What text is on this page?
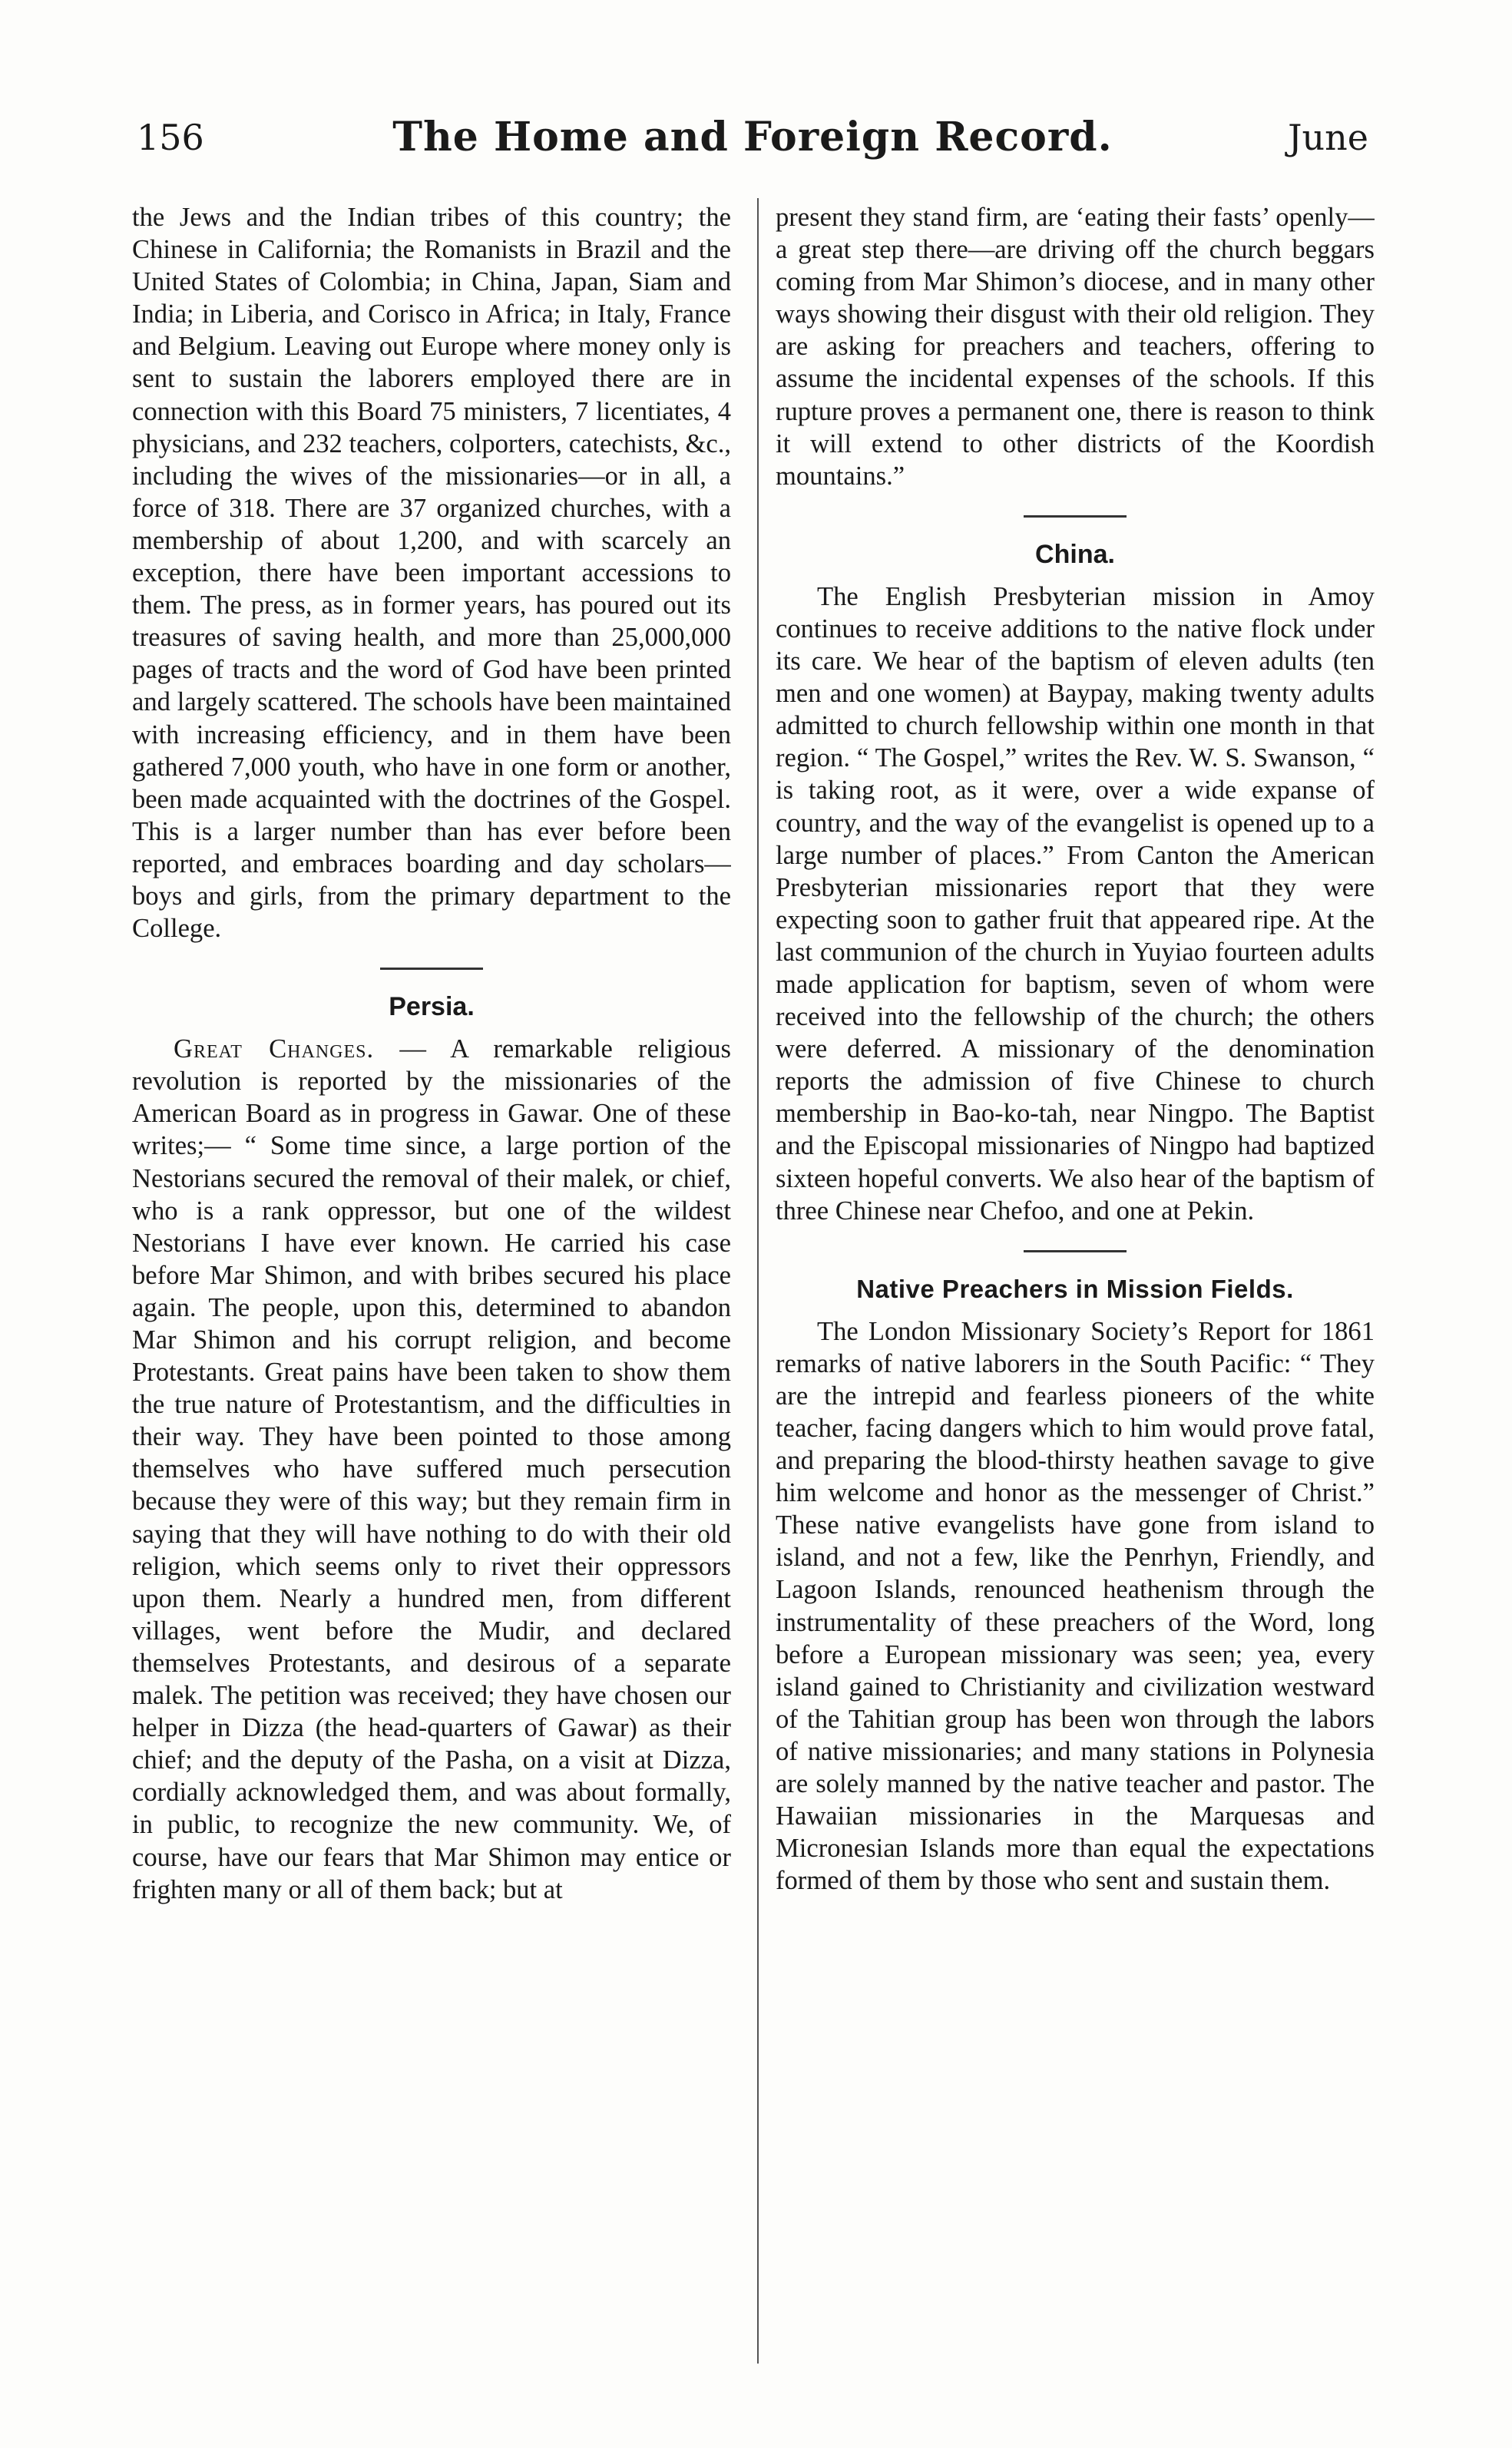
156	The Home and Foreign Record.	June

the Jews and the Indian tribes of this country; the Chinese in California; the Romanists in Brazil and the United States of Colombia; in China, Japan, Siam and India; in Liberia, and Corisco in Africa; in Italy, France and Belgium. Leaving out Europe where money only is sent to sustain the laborers employed there are in connection with this Board 75 ministers, 7 licentiates, 4 physicians, and 232 teachers, colporters, catechists, &c., including the wives of the missionaries—or in all, a force of 318. There are 37 organized churches, with a membership of about 1,200, and with scarcely an exception, there have been important accessions to them. The press, as in former years, has poured out its treasures of saving health, and more than 25,000,000 pages of tracts and the word of God have been printed and largely scattered. The schools have been maintained with increasing efficiency, and in them have been gathered 7,000 youth, who have in one form or another, been made acquainted with the doctrines of the Gospel. This is a larger number than has ever before been reported, and embraces boarding and day scholars—boys and girls, from the primary department to the College.

Persia.

Great Changes. — A remarkable religious revolution is reported by the missionaries of the American Board as in progress in Gawar. One of these writes;— “ Some time since, a large portion of the Nestorians secured the removal of their malek, or chief, who is a rank oppressor, but one of the wildest Nestorians I have ever known. He carried his case before Mar Shimon, and with bribes secured his place again. The people, upon this, determined to abandon Mar Shimon and his corrupt religion, and become Protestants. Great pains have been taken to show them the true nature of Protestantism, and the difficulties in their way. They have been pointed to those among themselves who have suffered much persecution because they were of this way; but they remain firm in saying that they will have nothing to do with their old religion, which seems only to rivet their oppressors upon them. Nearly a hundred men, from different villages, went before the Mudir, and declared themselves Protestants, and desirous of a separate malek. The petition was received; they have chosen our helper in Dizza (the head-quarters of Gawar) as their chief; and the deputy of the Pasha, on a visit at Dizza, cordially acknowledged them, and was about formally, in public, to recognize the new community. We, of course, have our fears that Mar Shimon may entice or frighten many or all of them back; but at

present they stand firm, are ‘eating their fasts’ openly—a great step there—are driving off the church beggars coming from Mar Shimon’s diocese, and in many other ways showing their disgust with their old religion. They are asking for preachers and teachers, offering to assume the incidental expenses of the schools. If this rupture proves a permanent one, there is reason to think it will extend to other districts of the Koordish mountains.”

China.

The English Presbyterian mission in Amoy continues to receive additions to the native flock under its care. We hear of the baptism of eleven adults (ten men and one women) at Baypay, making twenty adults admitted to church fellowship within one month in that region. “ The Gospel,” writes the Rev. W. S. Swanson, “ is taking root, as it were, over a wide expanse of country, and the way of the evangelist is opened up to a large number of places.” From Canton the American Presbyterian missionaries report that they were expecting soon to gather fruit that appeared ripe. At the last communion of the church in Yuyiao fourteen adults made application for baptism, seven of whom were received into the fellowship of the church; the others were deferred. A missionary of the denomination reports the admission of five Chinese to church membership in Bao-ko-tah, near Ningpo. The Baptist and the Episcopal missionaries of Ningpo had baptized sixteen hopeful converts. We also hear of the baptism of three Chinese near Chefoo, and one at Pekin.

Native Preachers in Mission Fields.

The London Missionary Society’s Report for 1861 remarks of native laborers in the South Pacific: “ They are the intrepid and fearless pioneers of the white teacher, facing dangers which to him would prove fatal, and preparing the blood-thirsty heathen savage to give him welcome and honor as the messenger of Christ.” These native evangelists have gone from island to island, and not a few, like the Penrhyn, Friendly, and Lagoon Islands, renounced heathenism through the instrumentality of these preachers of the Word, long before a European missionary was seen; yea, every island gained to Christianity and civilization westward of the Tahitian group has been won through the labors of native missionaries; and many stations in Polynesia are solely manned by the native teacher and pastor. The Hawaiian missionaries in the Marquesas and Micronesian Islands more than equal the expectations formed of them by those who sent and sustain them.
